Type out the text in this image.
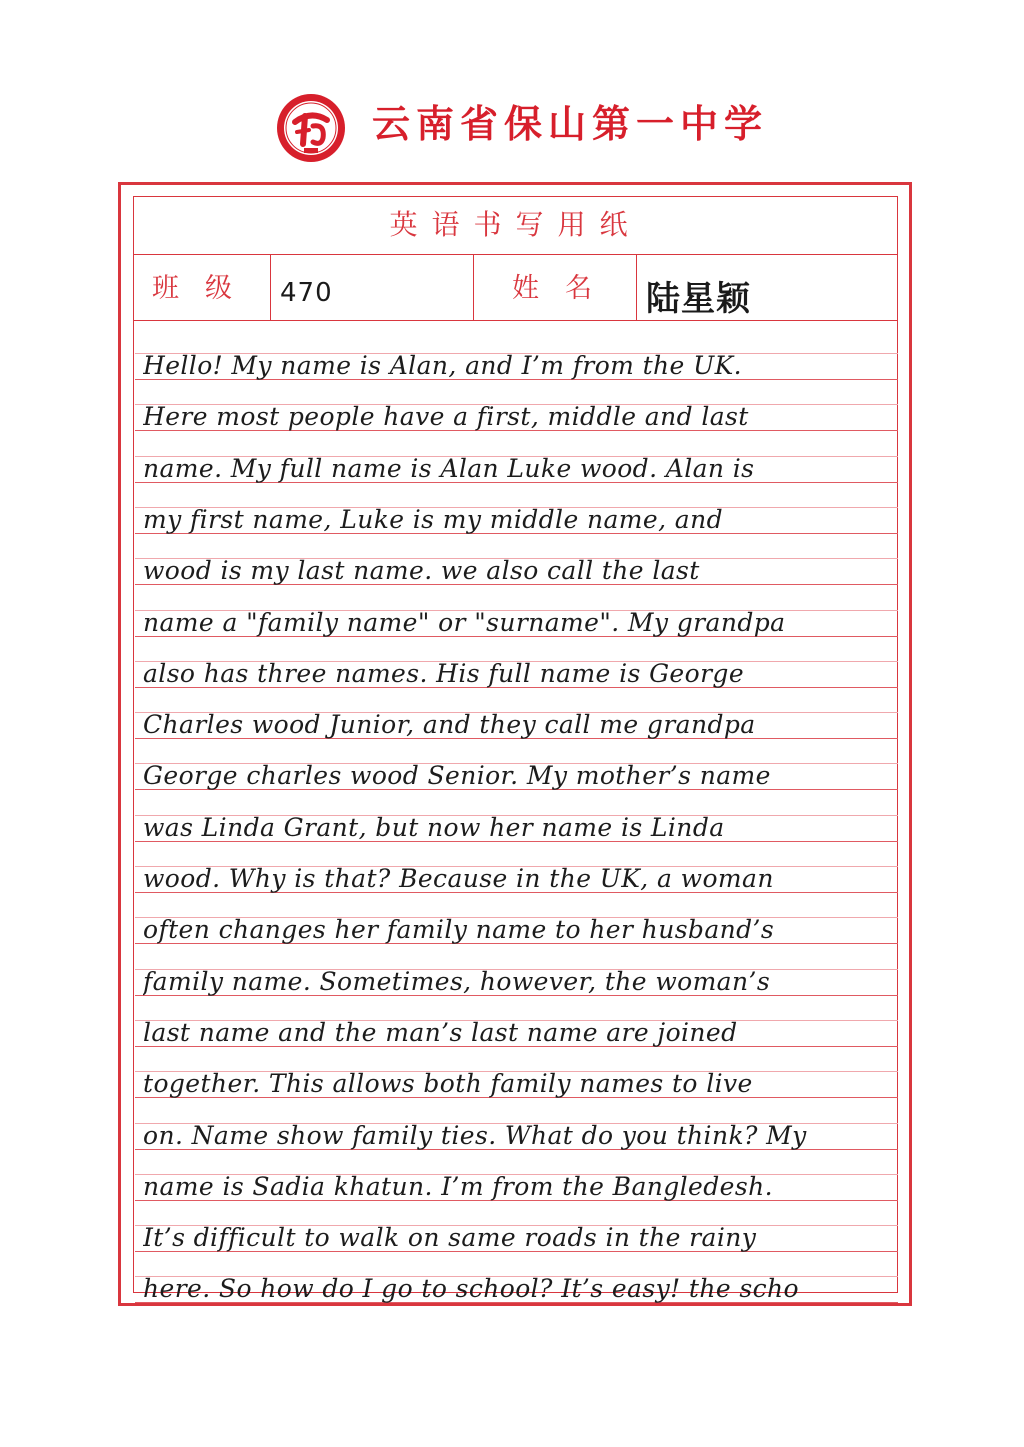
云南省保山第一中学
英语书写用纸
班级 470	姓名 陆星颖
Hello! My name is Alan, and I’m from the UK.
Here most people have a first, middle and last
name. My full name is Alan Luke wood. Alan is
my first name, Luke is my middle name, and
wood is my last name. we also call the last
name a "family name" or "surname". My grandpa
also has three names. His full name is George
Charles wood Junior, and they call me grandpa
George charles wood Senior. My mother’s name
was Linda Grant, but now her name is Linda
wood. Why is that? Because in the UK, a woman
often changes her family name to her husband’s
family name. Sometimes, however, the woman’s
last name and the man’s last name are joined
together. This allows both family names to live
on. Name show family ties. What do you think? My
name is Sadia khatun. I’m from the Bangledesh.
It’s difficult to walk on same roads in the rainy
here. So how do I go to school? It’s easy! the scho
